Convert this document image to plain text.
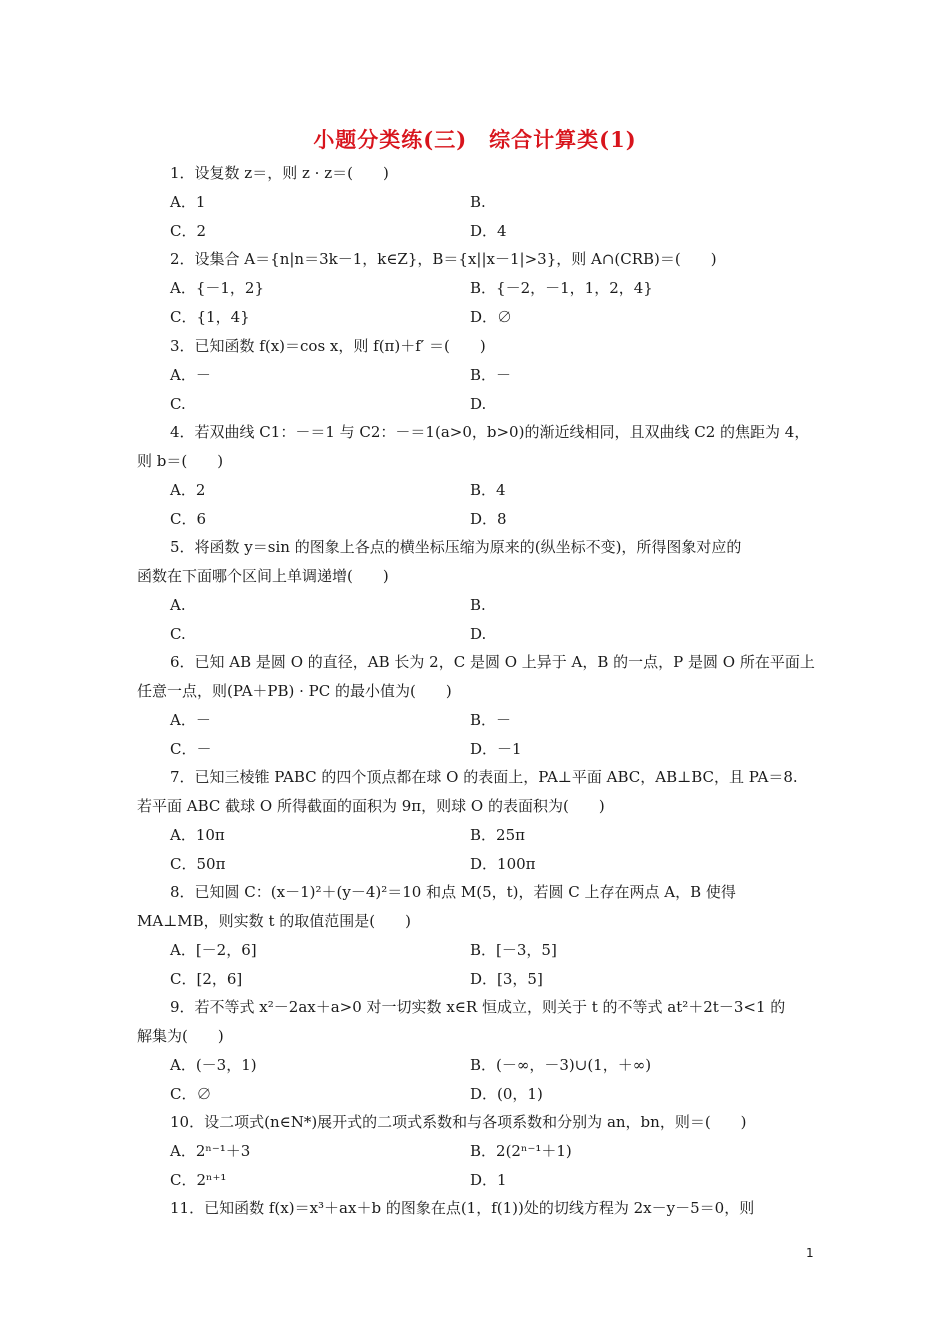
小题分类练(三)　综合计算类(1)
1．设复数 z＝，则 z · z＝(　　)
A．1	B.
C．2	D．4
2．设集合 A＝{n|n＝3k－1，k∈Z}，B＝{x||x－1|>3}，则 A∩(CRB)＝(　　)
A．{－1，2}	B．{－2，－1，1，2，4}
C．{1，4}	D．∅
3．已知函数 f(x)＝cos x，则 f(π)＋f′ ＝(　　)
A．－	B．－
C.	D.
4．若双曲线 C1：－＝1 与 C2：－＝1(a>0，b>0)的渐近线相同，且双曲线 C2 的焦距为 4，
则 b＝(　　)
A．2	B．4
C．6	D．8
5．将函数 y＝sin 的图象上各点的横坐标压缩为原来的(纵坐标不变)，所得图象对应的
函数在下面哪个区间上单调递增(　　)
A.	B.
C.	D.
6．已知 AB 是圆 O 的直径，AB 长为 2，C 是圆 O 上异于 A，B 的一点，P 是圆 O 所在平面上
任意一点，则(PA＋PB) · PC 的最小值为(　　)
A．－	B．－
C．－	D．－1
7．已知三棱锥 PABC 的四个顶点都在球 O 的表面上，PA⊥平面 ABC，AB⊥BC，且 PA＝8.
若平面 ABC 截球 O 所得截面的面积为 9π，则球 O 的表面积为(　　)
A．10π	B．25π
C．50π	D．100π
8．已知圆 C：(x－1)²＋(y－4)²＝10 和点 M(5，t)，若圆 C 上存在两点 A，B 使得
MA⊥MB，则实数 t 的取值范围是(　　)
A．[－2，6]	B．[－3，5]
C．[2，6]	D．[3，5]
9．若不等式 x²－2ax＋a>0 对一切实数 x∈R 恒成立，则关于 t 的不等式 at²＋2t－3<1 的
解集为(　　)
A．(－3，1)	B．(－∞，－3)∪(1，＋∞)
C．∅	D．(0，1)
10．设二项式(n∈N*)展开式的二项式系数和与各项系数和分别为 an，bn，则＝(　　)
A．2ⁿ⁻¹＋3	B．2(2ⁿ⁻¹＋1)
C．2ⁿ⁺¹	D．1
11．已知函数 f(x)＝x³＋ax＋b 的图象在点(1，f(1))处的切线方程为 2x－y－5＝0，则
1
